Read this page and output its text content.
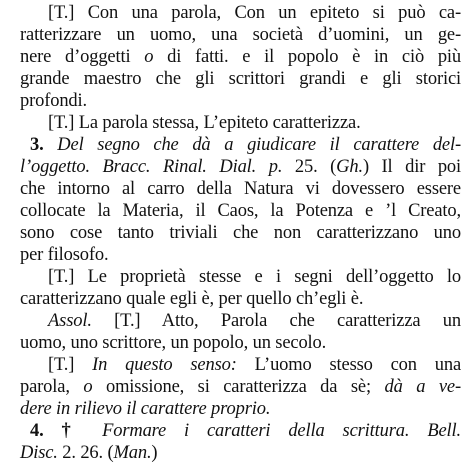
[T.] Con una parola, Con un epiteto si può ca-
ratterizzare un uomo, una società d’uomini, un ge-
nere d’oggetti o di fatti. e il popolo è in ciò più
grande maestro che gli scrittori grandi e gli storici
profondi.
[T.] La parola stessa, L’epiteto caratterizza.
3. Del segno che dà a giudicare il carattere del-
l’oggetto. Bracc. Rinal. Dial. p. 25. (Gh.) Il dir poi
che intorno al carro della Natura vi dovessero essere
collocate la Materia, il Caos, la Potenza e ’l Creato,
sono cose tanto triviali che non caratterizzano uno
per filosofo.
[T.] Le proprietà stesse e i segni dell’oggetto lo
caratterizzano quale egli è, per quello ch’egli è.
Assol. [T.] Atto, Parola che caratterizza un
uomo, uno scrittore, un popolo, un secolo.
[T.] In questo senso: L’uomo stesso con una
parola, o omissione, si caratterizza da sè; dà a ve-
dere in rilievo il carattere proprio.
4. † Formare i caratteri della scrittura. Bell.
Disc. 2. 26. (Man.)
